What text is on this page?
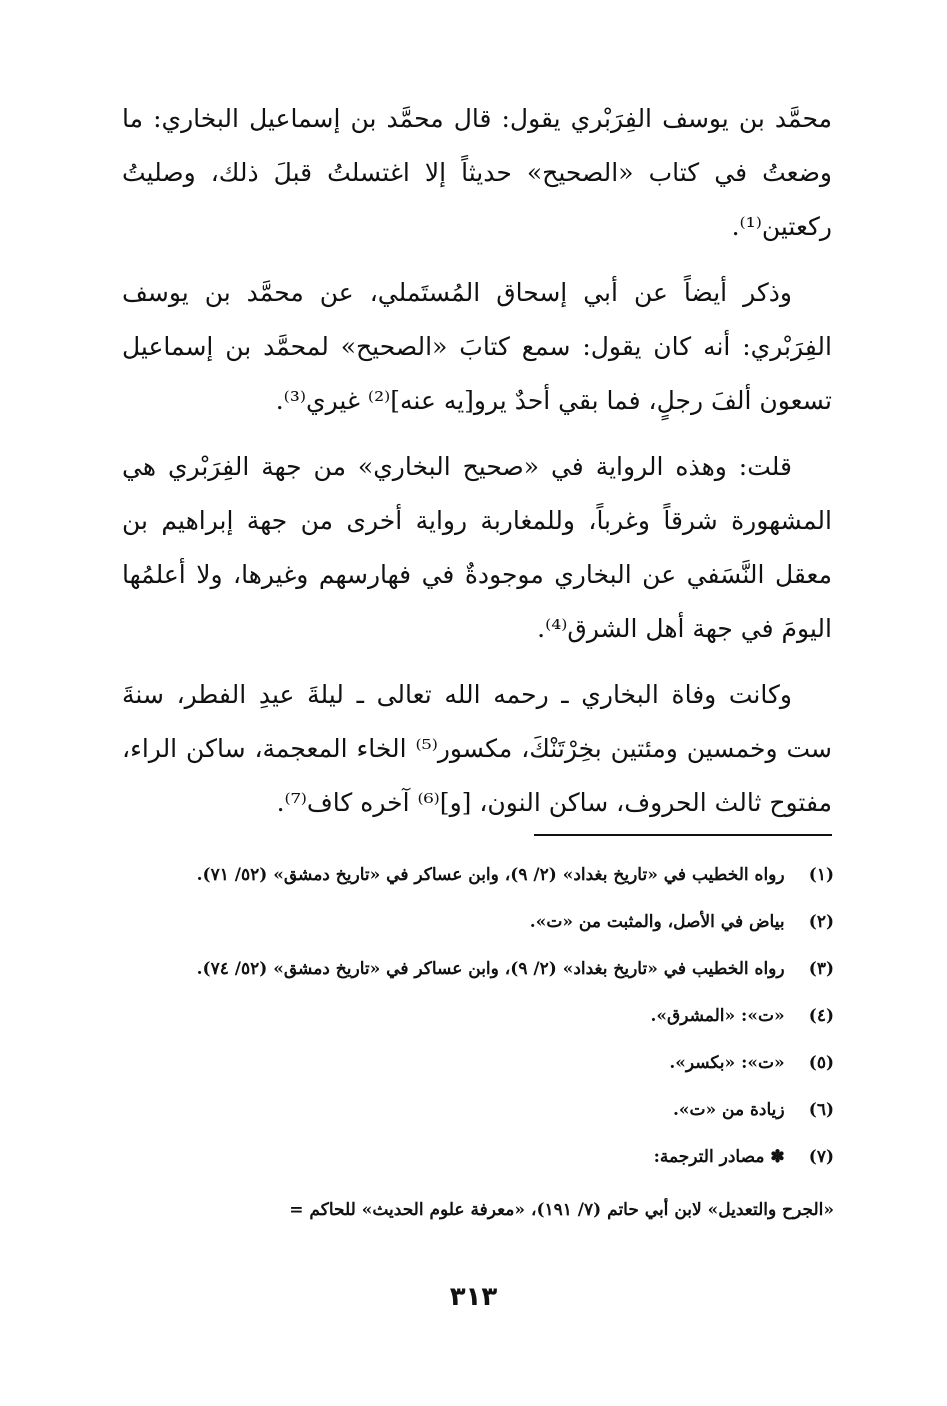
محمَّد بن يوسف الفِرَبْري يقول: قال محمَّد بن إسماعيل البخاري: ما وضعتُ في كتاب «الصحيح» حديثاً إلا اغتسلتُ قبلَ ذلك، وصليتُ ركعتين⁽¹⁾.

وذكر أيضاً عن أبي إسحاق المُستَملي، عن محمَّد بن يوسف الفِرَبْري: أنه كان يقول: سمع كتابَ «الصحيح» لمحمَّد بن إسماعيل تسعون ألفَ رجلٍ، فما بقي أحدٌ يرو[يه عنه]⁽²⁾ غيري⁽³⁾.

قلت: وهذه الرواية في «صحيح البخاري» من جهة الفِرَبْري هي المشهورة شرقاً وغرباً، وللمغاربة رواية أخرى من جهة إبراهيم بن معقل النَّسَفي عن البخاري موجودةٌ في فهارسهم وغيرها، ولا أعلمُها اليومَ في جهة أهل الشرق⁽⁴⁾.

وكانت وفاة البخاري ـ رحمه الله تعالى ـ ليلةَ عيدِ الفطر، سنةَ ست وخمسين ومئتين بخِرْتَنْكَ، مكسور⁽⁵⁾ الخاء المعجمة، ساكن الراء، مفتوح ثالث الحروف، ساكن النون، [و]⁽⁶⁾ آخره كاف⁽⁷⁾.

(١) رواه الخطيب في «تاريخ بغداد» (٢/ ٩)، وابن عساكر في «تاريخ دمشق» (٥٢/ ٧١).
(٢) بياض في الأصل، والمثبت من «ت».
(٣) رواه الخطيب في «تاريخ بغداد» (٢/ ٩)، وابن عساكر في «تاريخ دمشق» (٥٢/ ٧٤).
(٤) «ت»: «المشرق».
(٥) «ت»: «بكسر».
(٦) زيادة من «ت».
(٧) ✽ مصادر الترجمة:
«الجرح والتعديل» لابن أبي حاتم (٧/ ١٩١)، «معرفة علوم الحديث» للحاكم =
٣١٣
